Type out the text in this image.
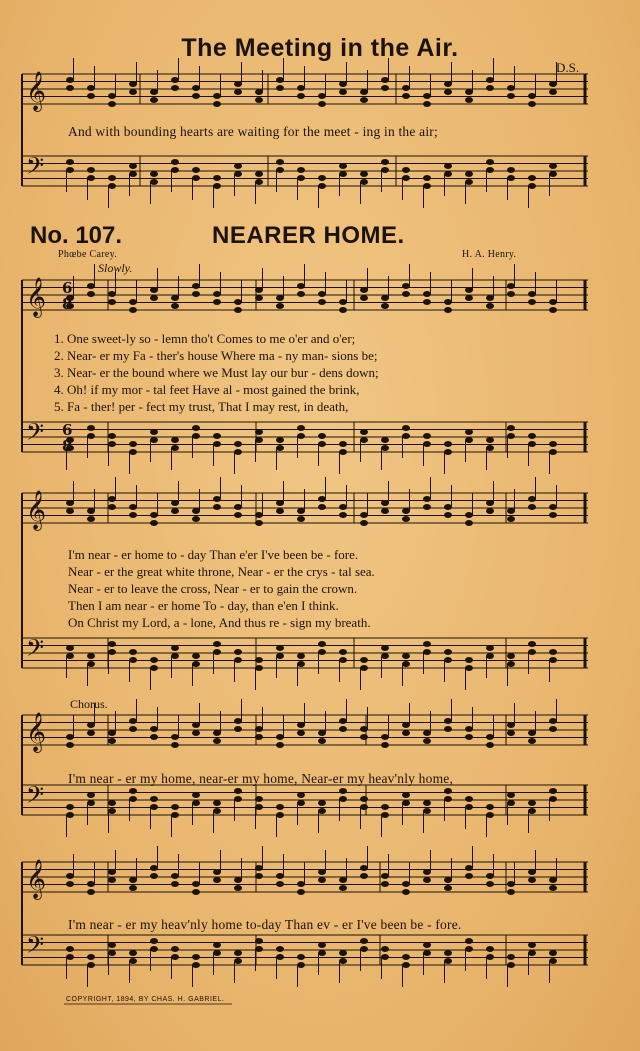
𝄞
𝄢
𝄞
𝄢
𝄞
𝄢
𝄞
𝄢
𝄞
𝄢
6
8
6
8
The Meeting in the Air.
D.S.
And with bounding hearts are waiting for the meet - ing in the air;
No. 107.	NEARER HOME.
Phœbe Carey.	H. A. Henry.
Slowly.
1. One sweet-ly so - lemn tho't Comes to me o'er and o'er;
2. Near- er my Fa - ther's house Where ma - ny man- sions be;
3. Near- er the bound where we Must lay our bur - dens down;
4. Oh! if my mor - tal feet Have al - most gained the brink,
5. Fa - ther! per - fect my trust, That I may rest, in death,
I'm near - er home to - day Than e'er I've been be - fore.
Near - er the great white throne, Near - er the crys - tal sea.
Near - er to leave the cross, Near - er to gain the crown.
Then I am near - er home To - day, than e'en I think.
On Christ my Lord, a - lone, And thus re - sign my breath.
Chorus.
I'm near - er my home, near-er my home, Near-er my heav'nly home,
I'm near - er my heav'nly home to-day Than ev - er I've been be - fore.
COPYRIGHT, 1894, BY CHAS. H. GABRIEL.
